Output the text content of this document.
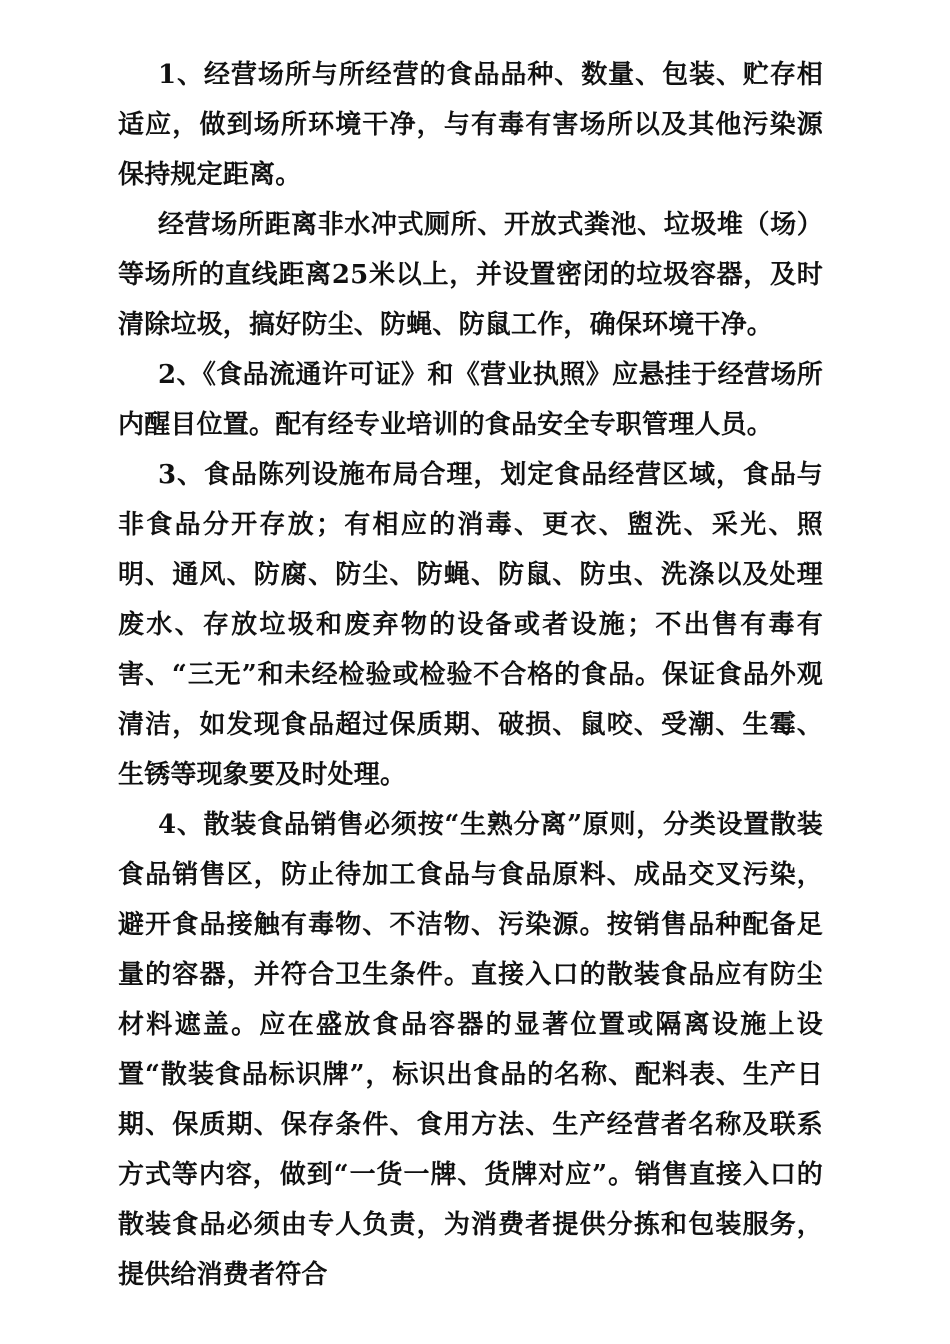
1、经营场所与所经营的食品品种、数量、包装、贮存相适应，做到场所环境干净，与有毒有害场所以及其他污染源保持规定距离。

经营场所距离非水冲式厕所、开放式粪池、垃圾堆（场）等场所的直线距离25米以上，并设置密闭的垃圾容器，及时清除垃圾，搞好防尘、防蝇、防鼠工作，确保环境干净。

2、《食品流通许可证》和《营业执照》应悬挂于经营场所内醒目位置。配有经专业培训的食品安全专职管理人员。

3、食品陈列设施布局合理，划定食品经营区域，食品与非食品分开存放；有相应的消毒、更衣、盥洗、采光、照明、通风、防腐、防尘、防蝇、防鼠、防虫、洗涤以及处理废水、存放垃圾和废弃物的设备或者设施；不出售有毒有害、“三无”和未经检验或检验不合格的食品。保证食品外观清洁，如发现食品超过保质期、破损、鼠咬、受潮、生霉、生锈等现象要及时处理。

4、散装食品销售必须按“生熟分离”原则，分类设置散装食品销售区，防止待加工食品与食品原料、成品交叉污染，避开食品接触有毒物、不洁物、污染源。按销售品种配备足量的容器，并符合卫生条件。直接入口的散装食品应有防尘材料遮盖。应在盛放食品容器的显著位置或隔离设施上设置“散装食品标识牌”，标识出食品的名称、配料表、生产日期、保质期、保存条件、食用方法、生产经营者名称及联系方式等内容，做到“一货一牌、货牌对应”。销售直接入口的散装食品必须由专人负责，为消费者提供分拣和包装服务，提供给消费者符合
